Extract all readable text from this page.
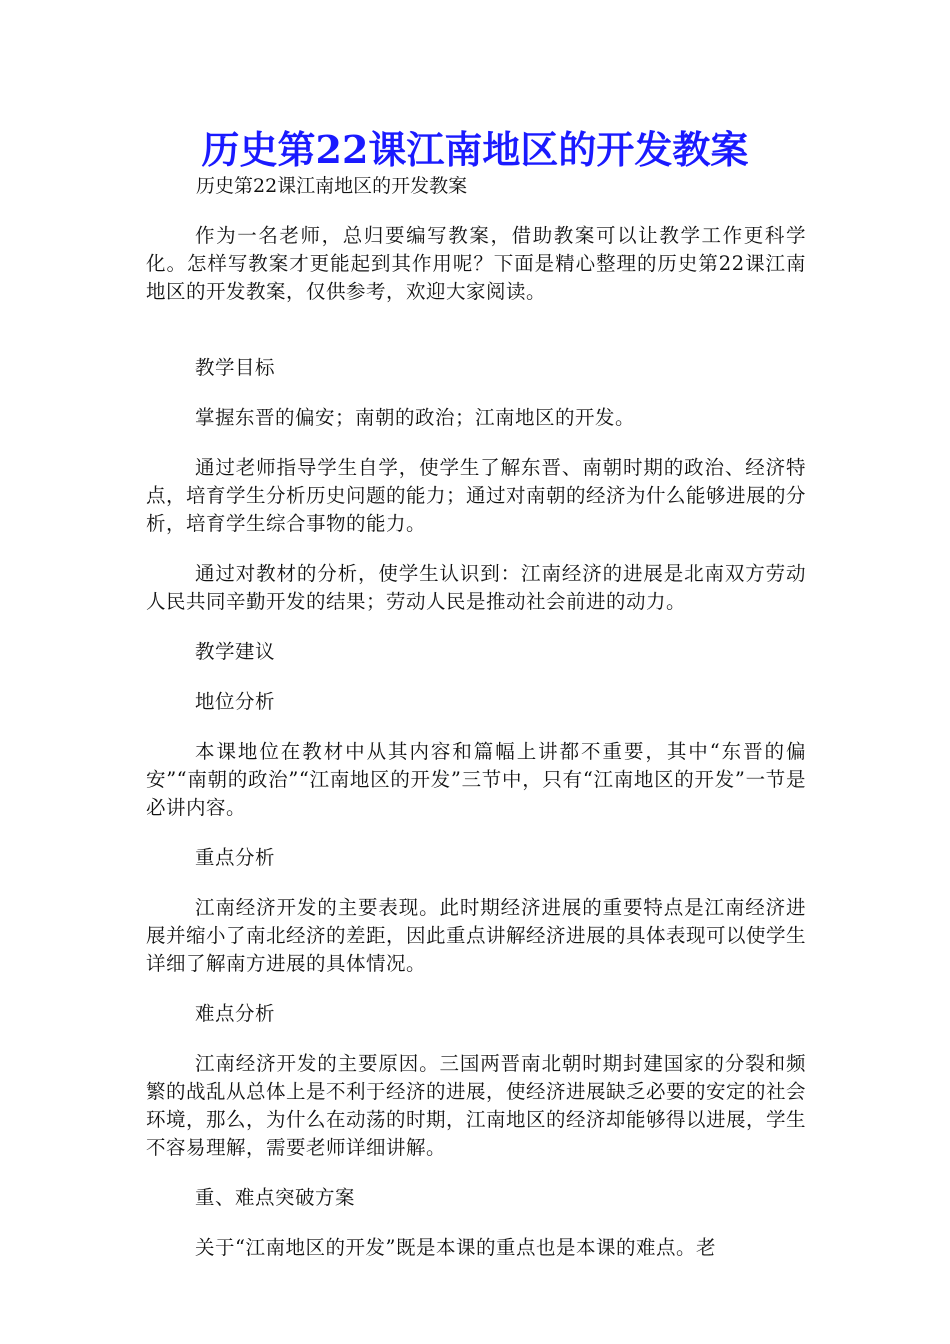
历史第22课江南地区的开发教案

历史第22课江南地区的开发教案

作为一名老师，总归要编写教案，借助教案可以让教学工作更科学化。怎样写教案才更能起到其作用呢？下面是精心整理的历史第22课江南地区的开发教案，仅供参考，欢迎大家阅读。

教学目标

掌握东晋的偏安；南朝的政治；江南地区的开发。

通过老师指导学生自学，使学生了解东晋、南朝时期的政治、经济特点，培育学生分析历史问题的能力；通过对南朝的经济为什么能够进展的分析，培育学生综合事物的能力。

通过对教材的分析，使学生认识到：江南经济的进展是北南双方劳动人民共同辛勤开发的结果；劳动人民是推动社会前进的动力。

教学建议

地位分析

本课地位在教材中从其内容和篇幅上讲都不重要，其中“东晋的偏安”“南朝的政治”“江南地区的开发”三节中，只有“江南地区的开发”一节是必讲内容。

重点分析

江南经济开发的主要表现。此时期经济进展的重要特点是江南经济进展并缩小了南北经济的差距，因此重点讲解经济进展的具体表现可以使学生详细了解南方进展的具体情况。

难点分析

江南经济开发的主要原因。三国两晋南北朝时期封建国家的分裂和频繁的战乱从总体上是不利于经济的进展，使经济进展缺乏必要的安定的社会环境，那么，为什么在动荡的时期，江南地区的经济却能够得以进展，学生不容易理解，需要老师详细讲解。

重、难点突破方案

关于“江南地区的开发”既是本课的重点也是本课的难点。老
